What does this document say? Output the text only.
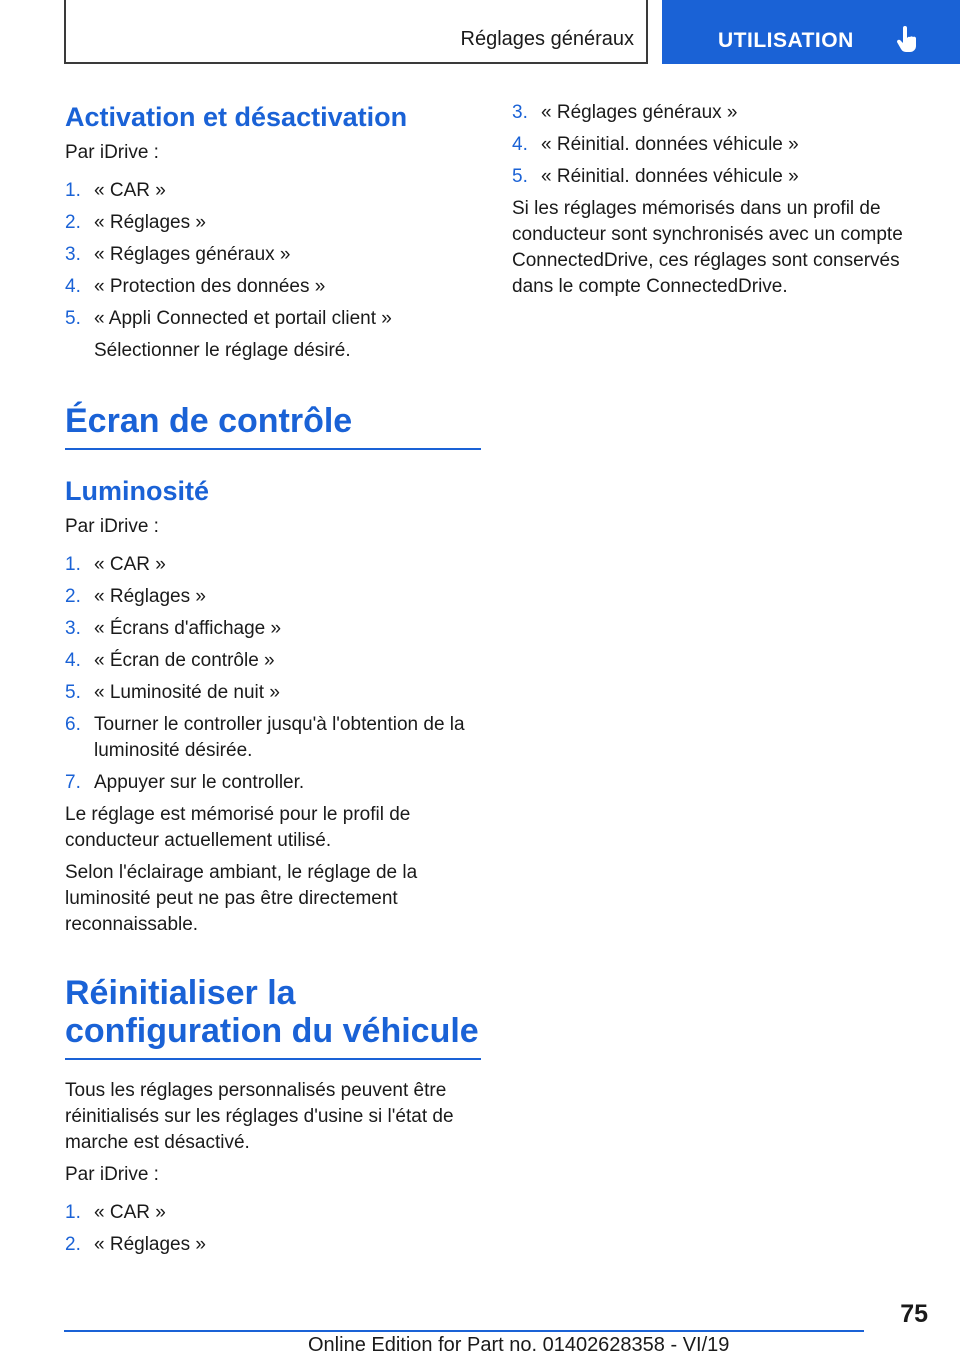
Réglages généraux	UTILISATION
Activation et désactivation

Par iDrive :

1. « CAR »
2. « Réglages »
3. « Réglages généraux »
4. « Protection des données »
5. « Appli Connected et portail client »

Sélectionner le réglage désiré.

Écran de contrôle
Luminosité

Par iDrive :

1. « CAR »
2. « Réglages »
3. « Écrans d'affichage »
4. « Écran de contrôle »
5. « Luminosité de nuit »
6. Tourner le controller jusqu'à l'obtention de la luminosité désirée.
7. Appuyer sur le controller.

Le réglage est mémorisé pour le profil de conducteur actuellement utilisé.

Selon l'éclairage ambiant, le réglage de la luminosité peut ne pas être directement reconnaissable.

Réinitialiser la configuration du véhicule

Tous les réglages personnalisés peuvent être réinitialisés sur les réglages d'usine si l'état de marche est désactivé.

Par iDrive :

1. « CAR »
2. « Réglages »
3. « Réglages généraux »
4. « Réinitial. données véhicule »
5. « Réinitial. données véhicule »

Si les réglages mémorisés dans un profil de conducteur sont synchronisés avec un compte ConnectedDrive, ces réglages sont conservés dans le compte ConnectedDrive.

75
Online Edition for Part no. 01402628358 - VI/19
